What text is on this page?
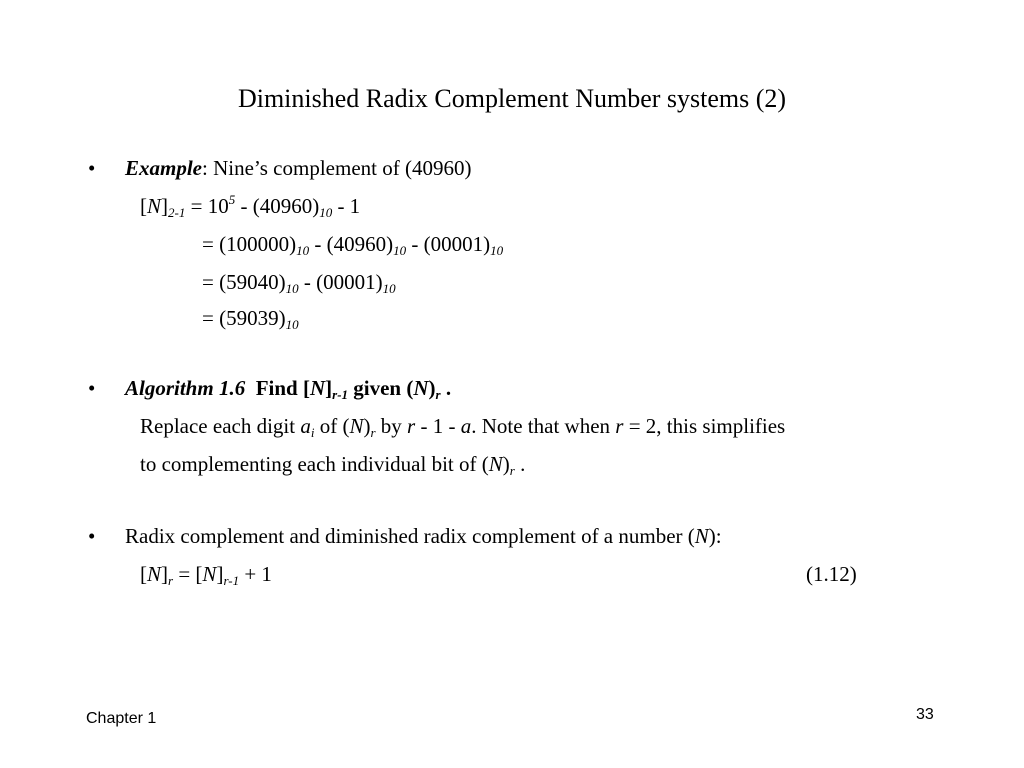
Diminished Radix Complement Number systems (2)
• Example: Nine’s complement of (40960)
$[N]_{2-1} = 10^5 - (40960)_{10} - 1$
= $(100000)_{10} - (40960)_{10} - (00001)_{10}$
= $(59040)_{10} - (00001)_{10}$
= $(59039)_{10}$
• Algorithm 1.6 Find $[N]_{r-1}$ given $(N)_r$ .
Replace each digit $a_i$ of $(N)_r$ by r - 1 - a. Note that when r = 2, this simplifies
to complementing each individual bit of $(N)_r$ .
• Radix complement and diminished radix complement of a number (N):
$[N]_r = [N]_{r-1} + 1$	(1.12)
Chapter 1	33
